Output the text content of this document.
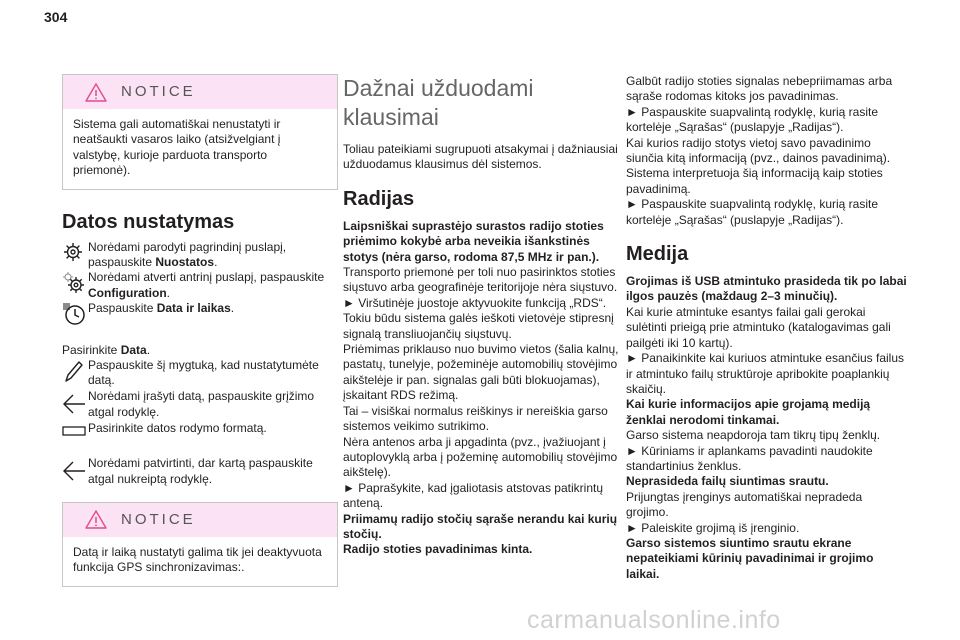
304
NOTICE
Sistema gali automatiškai nenustatyti ir neatšaukti vasaros laiko (atsižvelgiant į valstybę, kurioje parduota transporto priemonė).
Datos nustatymas
Norėdami parodyti pagrindinį puslapį, paspauskite Nuostatos.
Norėdami atverti antrinį puslapį, paspauskite Configuration.
Paspauskite Data ir laikas.

Pasirinkite Data.

Paspauskite šį mygtuką, kad nustatytumėte datą.
Norėdami įrašyti datą, paspauskite grįžimo atgal rodyklę.
Pasirinkite datos rodymo formatą.
Norėdami patvirtinti, dar kartą paspauskite atgal nukreiptą rodyklę.
NOTICE
Datą ir laiką nustatyti galima tik jei deaktyvuota funkcija GPS sinchronizavimas:.
Dažnai užduodami klausimai

Toliau pateikiami sugrupuoti atsakymai į dažniausiai užduodamus klausimus dėl sistemos.

Radijas

Laipsniškai suprastėjo surastos radijo stoties priėmimo kokybė arba neveikia išankstinės stotys (nėra garso, rodoma 87,5 MHz ir pan.).

Transporto priemonė per toli nuo pasirinktos stoties siųstuvo arba geografinėje teritorijoje nėra siųstuvo.

► Viršutinėje juostoje aktyvuokite funkciją „RDS“. Tokiu būdu sistema galės ieškoti vietovėje stipresnį signalą transliuojančių siųstuvų.

Priėmimas priklauso nuo buvimo vietos (šalia kalnų, pastatų, tunelyje, požeminėje automobilių stovėjimo aikštelėje ir pan. signalas gali būti blokuojamas), įskaitant RDS režimą.

Tai – visiškai normalus reiškinys ir nereiškia garso sistemos veikimo sutrikimo.

Nėra antenos arba ji apgadinta (pvz., įvažiuojant į autoplovyklą arba į požeminę automobilių stovėjimo aikštelę).

► Paprašykite, kad įgaliotasis atstovas patikrintų anteną.

Priimamų radijo stočių sąraše nerandu kai kurių stočių.

Radijo stoties pavadinimas kinta.

Galbūt radijo stoties signalas nebepriimamas arba sąraše rodomas kitoks jos pavadinimas.

► Paspauskite suapvalintą rodyklę, kurią rasite kortelėje „Sąrašas“ (puslapyje „Radijas“).

Kai kurios radijo stotys vietoj savo pavadinimo siunčia kitą informaciją (pvz., dainos pavadinimą).

Sistema interpretuoja šią informaciją kaip stoties pavadinimą.

► Paspauskite suapvalintą rodyklę, kurią rasite kortelėje „Sąrašas“ (puslapyje „Radijas“).

Medija

Grojimas iš USB atmintuko prasideda tik po labai ilgos pauzės (maždaug 2–3 minučių).

Kai kurie atmintuke esantys failai gali gerokai sulėtinti prieigą prie atmintuko (katalogavimas gali pailgėti iki 10 kartų).

► Panaikinkite kai kuriuos atmintuke esančius failus ir atmintuko failų struktūroje apribokite poaplankių skaičių.

Kai kurie informacijos apie grojamą mediją ženklai nerodomi tinkamai.

Garso sistema neapdoroja tam tikrų tipų ženklų.

► Kūriniams ir aplankams pavadinti naudokite standartinius ženklus.

Neprasideda failų siuntimas srautu.

Prijungtas įrenginys automatiškai nepradeda grojimo.

► Paleiskite grojimą iš įrenginio.

Garso sistemos siuntimo srautu ekrane nepateikiami kūrinių pavadinimai ir grojimo laikai.

carmanualsonline.info
